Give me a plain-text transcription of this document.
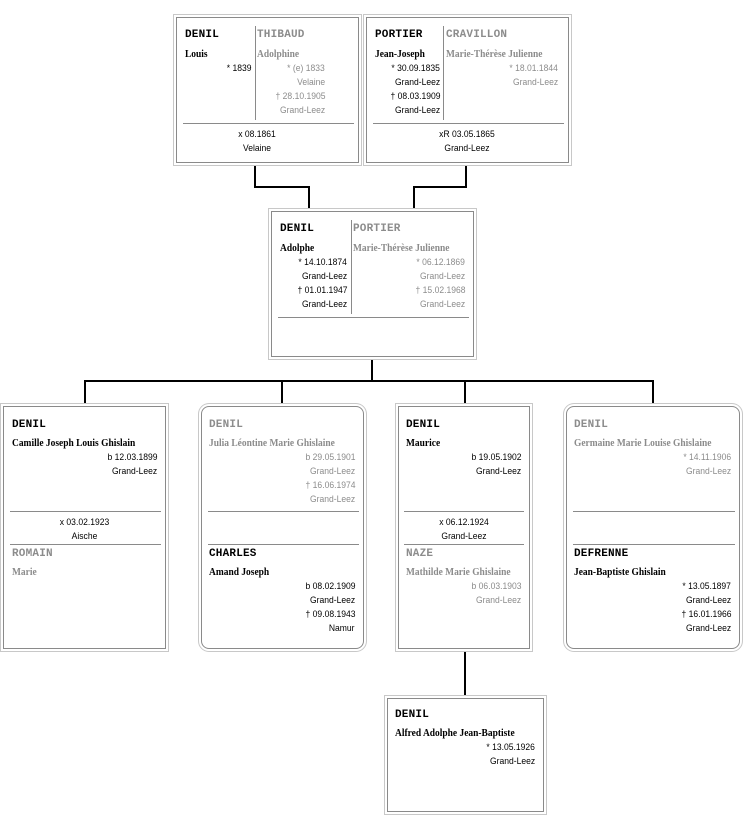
DENIL
Louis
* 1839
THIBAUD
Adolphine
* (e) 1833
Velaine
† 28.10.1905
Grand-Leez
x 08.1861
Velaine
PORTIER
Jean-Joseph
* 30.09.1835
Grand-Leez
† 08.03.1909
Grand-Leez
CRAVILLON
Marie-Thérèse Julienne
* 18.01.1844
Grand-Leez
xR 03.05.1865
Grand-Leez
DENIL
Adolphe
* 14.10.1874
Grand-Leez
† 01.01.1947
Grand-Leez
PORTIER
Marie-Thérèse Julienne
* 06.12.1869
Grand-Leez
† 15.02.1968
Grand-Leez
DENIL
Camille Joseph Louis Ghislain
b 12.03.1899
Grand-Leez
x 03.02.1923
Aische
ROMAIN
Marie
DENIL
Julia Léontine Marie Ghislaine
b 29.05.1901
Grand-Leez
† 16.06.1974
Grand-Leez
CHARLES
Amand Joseph
b 08.02.1909
Grand-Leez
† 09.08.1943
Namur
DENIL
Maurice
b 19.05.1902
Grand-Leez
x 06.12.1924
Grand-Leez
NAZE
Mathilde Marie Ghislaine
b 06.03.1903
Grand-Leez
DENIL
Germaine Marie Louise Ghislaine
* 14.11.1906
Grand-Leez
DEFRENNE
Jean-Baptiste Ghislain
* 13.05.1897
Grand-Leez
† 16.01.1966
Grand-Leez
DENIL
Alfred Adolphe Jean-Baptiste
* 13.05.1926
Grand-Leez
